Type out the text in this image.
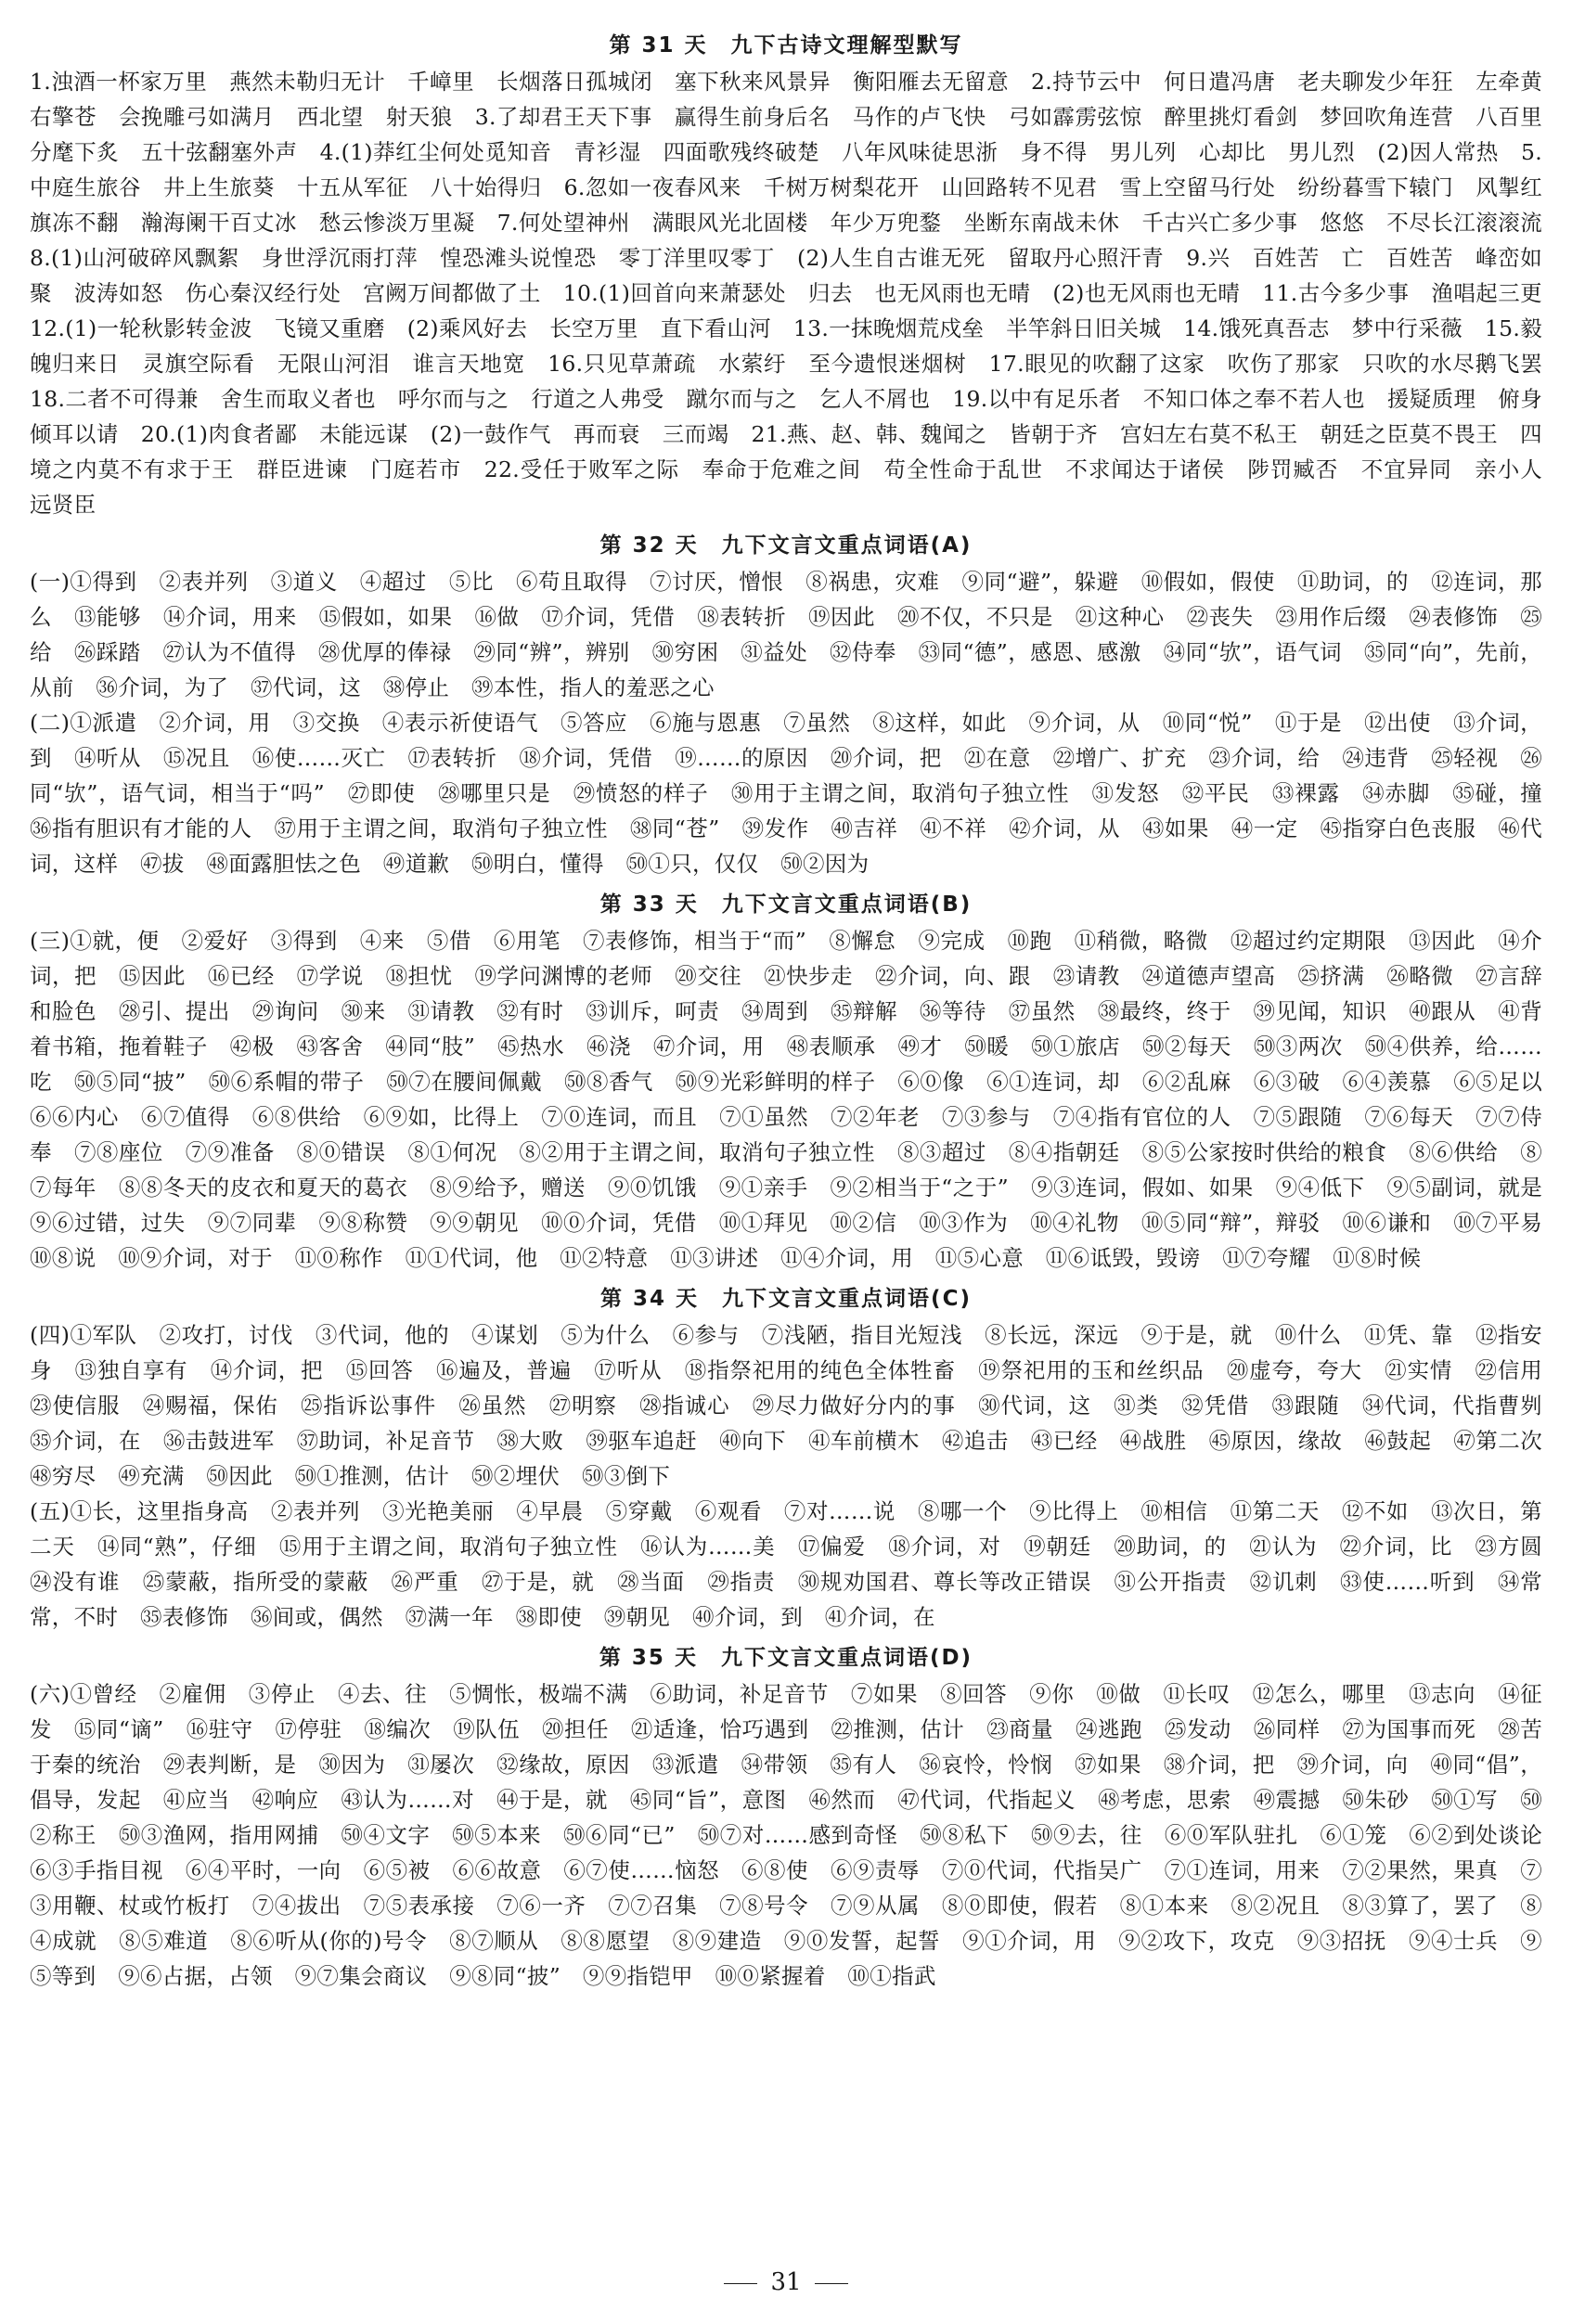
第 31 天　九下古诗文理解型默写

1.浊酒一杯家万里　燕然未勒归无计　千嶂里　长烟落日孤城闭　塞下秋来风景异　衡阳雁去无留意　2.持节云中　何日遣冯唐　老夫聊发少年狂　左牵黄　右擎苍　会挽雕弓如满月　西北望　射天狼　3.了却君王天下事　赢得生前身后名　马作的卢飞快　弓如霹雳弦惊　醉里挑灯看剑　梦回吹角连营　八百里分麾下炙　五十弦翻塞外声　4.(1)莽红尘何处觅知音　青衫湿　四面歌残终破楚　八年风味徒思浙　身不得　男儿列　心却比　男儿烈　(2)因人常热　5.中庭生旅谷　井上生旅葵　十五从军征　八十始得归　6.忽如一夜春风来　千树万树梨花开　山回路转不见君　雪上空留马行处　纷纷暮雪下辕门　风掣红旗冻不翻　瀚海阑干百丈冰　愁云惨淡万里凝　7.何处望神州　满眼风光北固楼　年少万兜鍪　坐断东南战未休　千古兴亡多少事　悠悠　不尽长江滚滚流　8.(1)山河破碎风飘絮　身世浮沉雨打萍　惶恐滩头说惶恐　零丁洋里叹零丁　(2)人生自古谁无死　留取丹心照汗青　9.兴　百姓苦　亡　百姓苦　峰峦如聚　波涛如怒　伤心秦汉经行处　宫阙万间都做了土　10.(1)回首向来萧瑟处　归去　也无风雨也无晴　(2)也无风雨也无晴　11.古今多少事　渔唱起三更　12.(1)一轮秋影转金波　飞镜又重磨　(2)乘风好去　长空万里　直下看山河　13.一抹晚烟荒戍垒　半竿斜日旧关城　14.饿死真吾志　梦中行采薇　15.毅魄归来日　灵旗空际看　无限山河泪　谁言天地宽　16.只见草萧疏　水萦纡　至今遗恨迷烟树　17.眼见的吹翻了这家　吹伤了那家　只吹的水尽鹅飞罢　18.二者不可得兼　舍生而取义者也　呼尔而与之　行道之人弗受　蹴尔而与之　乞人不屑也　19.以中有足乐者　不知口体之奉不若人也　援疑质理　俯身倾耳以请　20.(1)肉食者鄙　未能远谋　(2)一鼓作气　再而衰　三而竭　21.燕、赵、韩、魏闻之　皆朝于齐　宫妇左右莫不私王　朝廷之臣莫不畏王　四境之内莫不有求于王　群臣进谏　门庭若市　22.受任于败军之际　奉命于危难之间　苟全性命于乱世　不求闻达于诸侯　陟罚臧否　不宜异同　亲小人　远贤臣

第 32 天　九下文言文重点词语(A)

(一)①得到　②表并列　③道义　④超过　⑤比　⑥苟且取得　⑦讨厌，憎恨　⑧祸患，灾难　⑨同“避”，躲避　⑩假如，假使　⑪助词，的　⑫连词，那么　⑬能够　⑭介词，用来　⑮假如，如果　⑯做　⑰介词，凭借　⑱表转折　⑲因此　⑳不仅，不只是　㉑这种心　㉒丧失　㉓用作后缀　㉔表修饰　㉕给　㉖踩踏　㉗认为不值得　㉘优厚的俸禄　㉙同“辨”，辨别　㉚穷困　㉛益处　㉜侍奉　㉝同“德”，感恩、感激　㉞同“欤”，语气词　㉟同“向”，先前，从前　㊱介词，为了　㊲代词，这　㊳停止　㊴本性，指人的羞恶之心

(二)①派遣　②介词，用　③交换　④表示祈使语气　⑤答应　⑥施与恩惠　⑦虽然　⑧这样，如此　⑨介词，从　⑩同“悦”　⑪于是　⑫出使　⑬介词，到　⑭听从　⑮况且　⑯使……灭亡　⑰表转折　⑱介词，凭借　⑲……的原因　⑳介词，把　㉑在意　㉒增广、扩充　㉓介词，给　㉔违背　㉕轻视　㉖同“欤”，语气词，相当于“吗”　㉗即使　㉘哪里只是　㉙愤怒的样子　㉚用于主谓之间，取消句子独立性　㉛发怒　㉜平民　㉝裸露　㉞赤脚　㉟碰，撞　㊱指有胆识有才能的人　㊲用于主谓之间，取消句子独立性　㊳同“苍”　㊴发作　㊵吉祥　㊶不祥　㊷介词，从　㊸如果　㊹一定　㊺指穿白色丧服　㊻代词，这样　㊼拔　㊽面露胆怯之色　㊾道歉　㊿明白，懂得　㊿①只，仅仅　㊿②因为

第 33 天　九下文言文重点词语(B)

(三)①就，便　②爱好　③得到　④来　⑤借　⑥用笔　⑦表修饰，相当于“而”　⑧懈怠　⑨完成　⑩跑　⑪稍微，略微　⑫超过约定期限　⑬因此　⑭介词，把　⑮因此　⑯已经　⑰学说　⑱担忧　⑲学问渊博的老师　⑳交往　㉑快步走　㉒介词，向、跟　㉓请教　㉔道德声望高　㉕挤满　㉖略微　㉗言辞和脸色　㉘引、提出　㉙询问　㉚来　㉛请教　㉜有时　㉝训斥，呵责　㉞周到　㉟辩解　㊱等待　㊲虽然　㊳最终，终于　㊴见闻，知识　㊵跟从　㊶背着书箱，拖着鞋子　㊷极　㊸客舍　㊹同“肢”　㊺热水　㊻浇　㊼介词，用　㊽表顺承　㊾才　㊿暖　㊿①旅店　㊿②每天　㊿③两次　㊿④供养，给……吃　㊿⑤同“披”　㊿⑥系帽的带子　㊿⑦在腰间佩戴　㊿⑧香气　㊿⑨光彩鲜明的样子　⑥⓪像　⑥①连词，却　⑥②乱麻　⑥③破　⑥④羡慕　⑥⑤足以　⑥⑥内心　⑥⑦值得　⑥⑧供给　⑥⑨如，比得上　⑦⓪连词，而且　⑦①虽然　⑦②年老　⑦③参与　⑦④指有官位的人　⑦⑤跟随　⑦⑥每天　⑦⑦侍奉　⑦⑧座位　⑦⑨准备　⑧⓪错误　⑧①何况　⑧②用于主谓之间，取消句子独立性　⑧③超过　⑧④指朝廷　⑧⑤公家按时供给的粮食　⑧⑥供给　⑧⑦每年　⑧⑧冬天的皮衣和夏天的葛衣　⑧⑨给予，赠送　⑨⓪饥饿　⑨①亲手　⑨②相当于“之于”　⑨③连词，假如、如果　⑨④低下　⑨⑤副词，就是　⑨⑥过错，过失　⑨⑦同辈　⑨⑧称赞　⑨⑨朝见　⑩⓪介词，凭借　⑩①拜见　⑩②信　⑩③作为　⑩④礼物　⑩⑤同“辩”，辩驳　⑩⑥谦和　⑩⑦平易　⑩⑧说　⑩⑨介词，对于　⑪⓪称作　⑪①代词，他　⑪②特意　⑪③讲述　⑪④介词，用　⑪⑤心意　⑪⑥诋毁，毁谤　⑪⑦夸耀　⑪⑧时候

第 34 天　九下文言文重点词语(C)

(四)①军队　②攻打，讨伐　③代词，他的　④谋划　⑤为什么　⑥参与　⑦浅陋，指目光短浅　⑧长远，深远　⑨于是，就　⑩什么　⑪凭、靠　⑫指安身　⑬独自享有　⑭介词，把　⑮回答　⑯遍及，普遍　⑰听从　⑱指祭祀用的纯色全体牲畜　⑲祭祀用的玉和丝织品　⑳虚夸，夸大　㉑实情　㉒信用　㉓使信服　㉔赐福，保佑　㉕指诉讼事件　㉖虽然　㉗明察　㉘指诚心　㉙尽力做好分内的事　㉚代词，这　㉛类　㉜凭借　㉝跟随　㉞代词，代指曹刿　㉟介词，在　㊱击鼓进军　㊲助词，补足音节　㊳大败　㊴驱车追赶　㊵向下　㊶车前横木　㊷追击　㊸已经　㊹战胜　㊺原因，缘故　㊻鼓起　㊼第二次　㊽穷尽　㊾充满　㊿因此　㊿①推测，估计　㊿②埋伏　㊿③倒下

(五)①长，这里指身高　②表并列　③光艳美丽　④早晨　⑤穿戴　⑥观看　⑦对……说　⑧哪一个　⑨比得上　⑩相信　⑪第二天　⑫不如　⑬次日，第二天　⑭同“熟”，仔细　⑮用于主谓之间，取消句子独立性　⑯认为……美　⑰偏爱　⑱介词，对　⑲朝廷　⑳助词，的　㉑认为　㉒介词，比　㉓方圆　㉔没有谁　㉕蒙蔽，指所受的蒙蔽　㉖严重　㉗于是，就　㉘当面　㉙指责　㉚规劝国君、尊长等改正错误　㉛公开指责　㉜讥刺　㉝使……听到　㉞常常，不时　㉟表修饰　㊱间或，偶然　㊲满一年　㊳即使　㊴朝见　㊵介词，到　㊶介词，在

第 35 天　九下文言文重点词语(D)

(六)①曾经　②雇佣　③停止　④去、往　⑤惆怅，极端不满　⑥助词，补足音节　⑦如果　⑧回答　⑨你　⑩做　⑪长叹　⑫怎么，哪里　⑬志向　⑭征发　⑮同“谪”　⑯驻守　⑰停驻　⑱编次　⑲队伍　⑳担任　㉑适逢，恰巧遇到　㉒推测，估计　㉓商量　㉔逃跑　㉕发动　㉖同样　㉗为国事而死　㉘苦于秦的统治　㉙表判断，是　㉚因为　㉛屡次　㉜缘故，原因　㉝派遣　㉞带领　㉟有人　㊱哀怜，怜悯　㊲如果　㊳介词，把　㊴介词，向　㊵同“倡”，倡导，发起　㊶应当　㊷响应　㊸认为……对　㊹于是，就　㊺同“旨”，意图　㊻然而　㊼代词，代指起义　㊽考虑，思索　㊾震撼　㊿朱砂　㊿①写　㊿②称王　㊿③渔网，指用网捕　㊿④文字　㊿⑤本来　㊿⑥同“已”　㊿⑦对……感到奇怪　㊿⑧私下　㊿⑨去，往　⑥⓪军队驻扎　⑥①笼　⑥②到处谈论　⑥③手指目视　⑥④平时，一向　⑥⑤被　⑥⑥故意　⑥⑦使……恼怒　⑥⑧使　⑥⑨责辱　⑦⓪代词，代指吴广　⑦①连词，用来　⑦②果然，果真　⑦③用鞭、杖或竹板打　⑦④拔出　⑦⑤表承接　⑦⑥一齐　⑦⑦召集　⑦⑧号令　⑦⑨从属　⑧⓪即使，假若　⑧①本来　⑧②况且　⑧③算了，罢了　⑧④成就　⑧⑤难道　⑧⑥听从(你的)号令　⑧⑦顺从　⑧⑧愿望　⑧⑨建造　⑨⓪发誓，起誓　⑨①介词，用　⑨②攻下，攻克　⑨③招抚　⑨④士兵　⑨⑤等到　⑨⑥占据，占领　⑨⑦集会商议　⑨⑧同“披”　⑨⑨指铠甲　⑩⓪紧握着　⑩①指武

31
